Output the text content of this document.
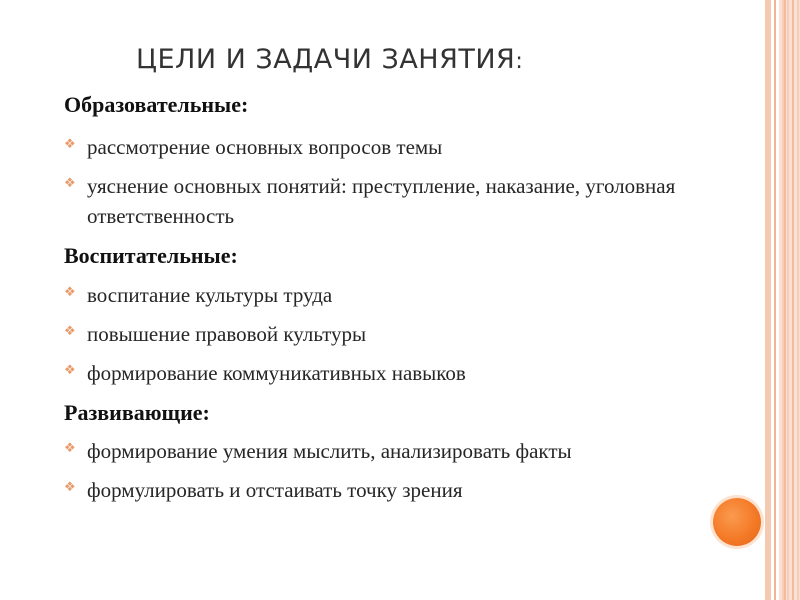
ЦЕЛИ И ЗАДАЧИ ЗАНЯТИЯ:
Образовательные:
❖ рассмотрение основных вопросов темы
❖ уяснение основных понятий: преступление, наказание, уголовная ответственность
Воспитательные:
❖ воспитание культуры труда
❖ повышение правовой культуры
❖ формирование коммуникативных навыков
Развивающие:
❖ формирование умения мыслить, анализировать факты
❖ формулировать и отстаивать точку зрения
